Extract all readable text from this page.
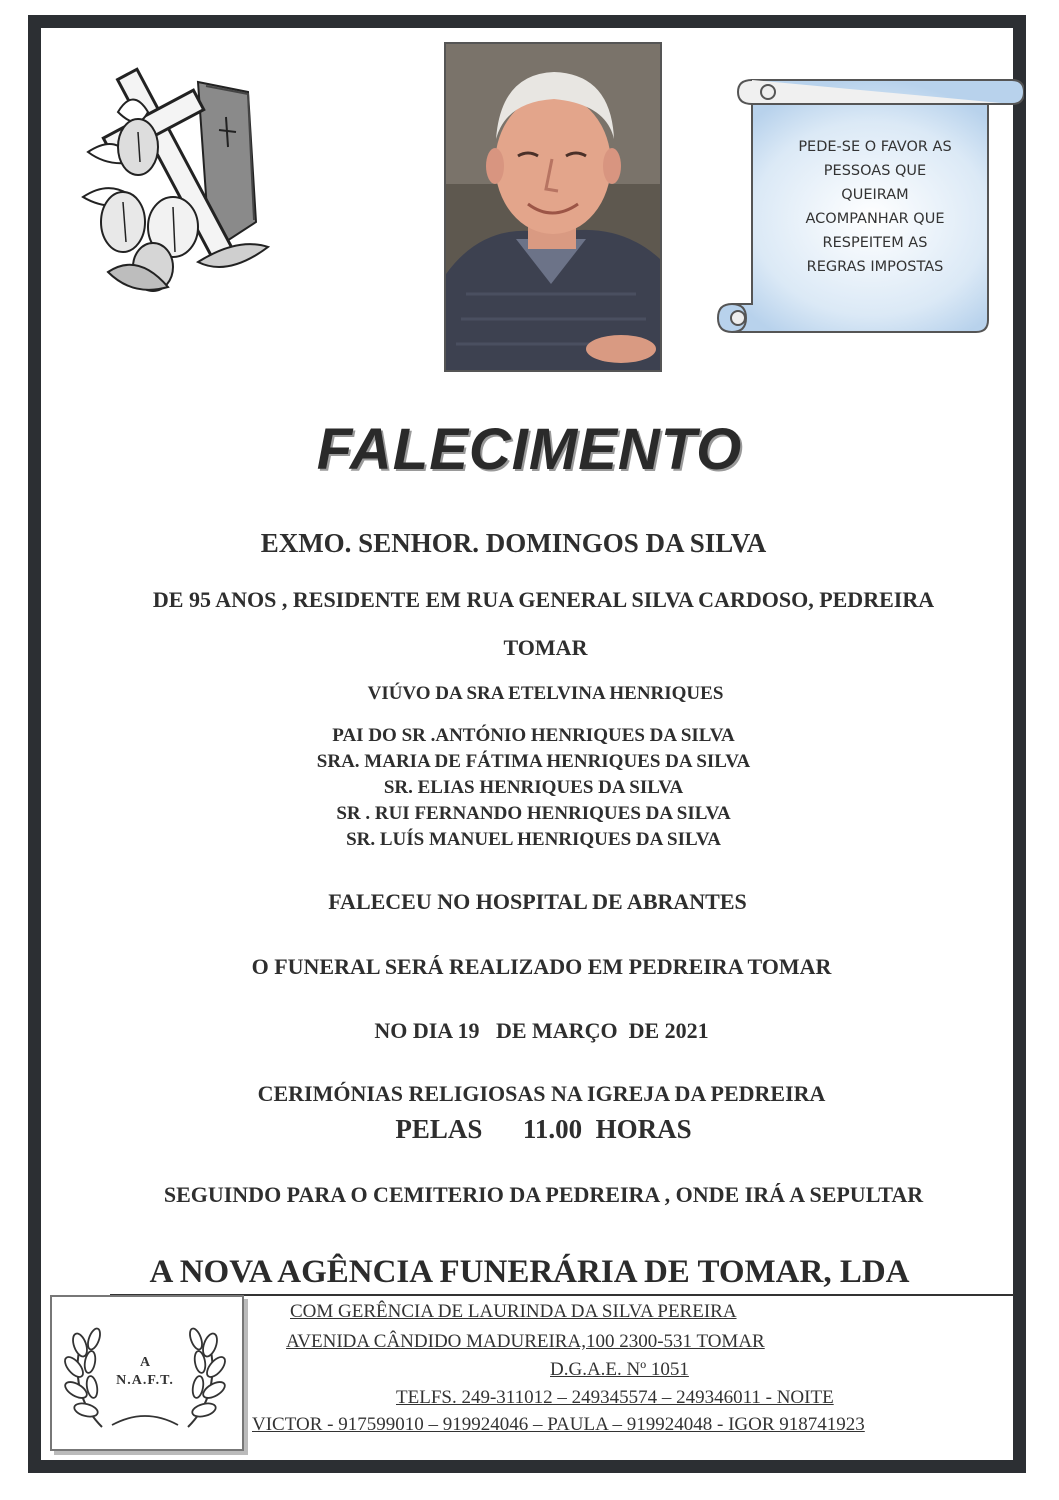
PEDE-SE O FAVOR AS
PESSOAS QUE
QUEIRAM
ACOMPANHAR QUE
RESPEITEM AS
REGRAS IMPOSTAS
FALECIMENTO
EXMO. SENHOR. DOMINGOS DA SILVA
DE 95 ANOS , RESIDENTE EM RUA GENERAL SILVA CARDOSO, PEDREIRA
TOMAR
VIÚVO DA SRA ETELVINA HENRIQUES
PAI DO SR .ANTÓNIO HENRIQUES DA SILVA
SRA. MARIA DE FÁTIMA HENRIQUES DA SILVA
SR. ELIAS HENRIQUES DA SILVA
SR . RUI FERNANDO HENRIQUES DA SILVA
SR. LUÍS MANUEL HENRIQUES DA SILVA
FALECEU NO HOSPITAL DE ABRANTES
O FUNERAL SERÁ REALIZADO EM PEDREIRA TOMAR
NO DIA 19   DE MARÇO  DE 2021
CERIMÓNIAS RELIGIOSAS NA IGREJA DA PEDREIRA
PELAS      11.00  HORAS
SEGUINDO PARA O CEMITERIO DA PEDREIRA , ONDE IRÁ A SEPULTAR
A NOVA AGÊNCIA FUNERÁRIA DE TOMAR, LDA
A
N.A.F.T.
COM GERÊNCIA DE LAURINDA DA SILVA PEREIRA
AVENIDA CÂNDIDO MADUREIRA,100 2300-531 TOMAR
D.G.A.E. Nº 1051
TELFS. 249-311012 – 249345574 – 249346011 - NOITE
VICTOR - 917599010 – 919924046 – PAULA – 919924048 - IGOR 918741923
